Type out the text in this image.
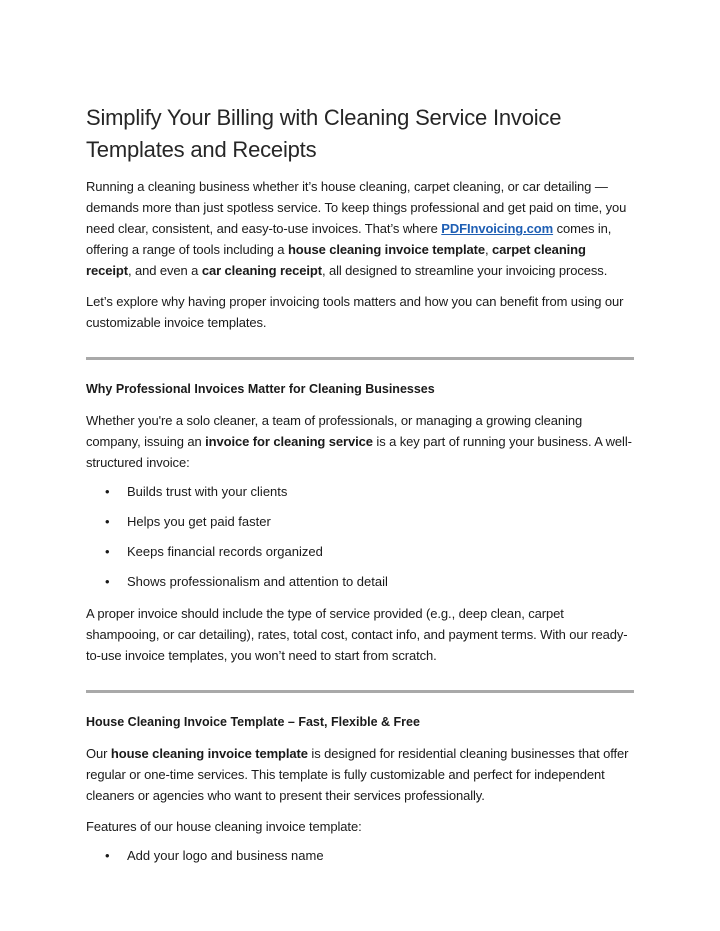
Simplify Your Billing with Cleaning Service Invoice Templates and Receipts

Running a cleaning business whether it’s house cleaning, carpet cleaning, or car detailing — demands more than just spotless service. To keep things professional and get paid on time, you need clear, consistent, and easy-to-use invoices. That’s where PDFInvoicing.com comes in, offering a range of tools including a house cleaning invoice template, carpet cleaning receipt, and even a car cleaning receipt, all designed to streamline your invoicing process.

Let’s explore why having proper invoicing tools matters and how you can benefit from using our customizable invoice templates.

Why Professional Invoices Matter for Cleaning Businesses

Whether you're a solo cleaner, a team of professionals, or managing a growing cleaning company, issuing an invoice for cleaning service is a key part of running your business. A well-structured invoice:

• Builds trust with your clients
• Helps you get paid faster
• Keeps financial records organized
• Shows professionalism and attention to detail

A proper invoice should include the type of service provided (e.g., deep clean, carpet shampooing, or car detailing), rates, total cost, contact info, and payment terms. With our ready-to-use invoice templates, you won’t need to start from scratch.

House Cleaning Invoice Template – Fast, Flexible & Free

Our house cleaning invoice template is designed for residential cleaning businesses that offer regular or one-time services. This template is fully customizable and perfect for independent cleaners or agencies who want to present their services professionally.

Features of our house cleaning invoice template:

• Add your logo and business name
